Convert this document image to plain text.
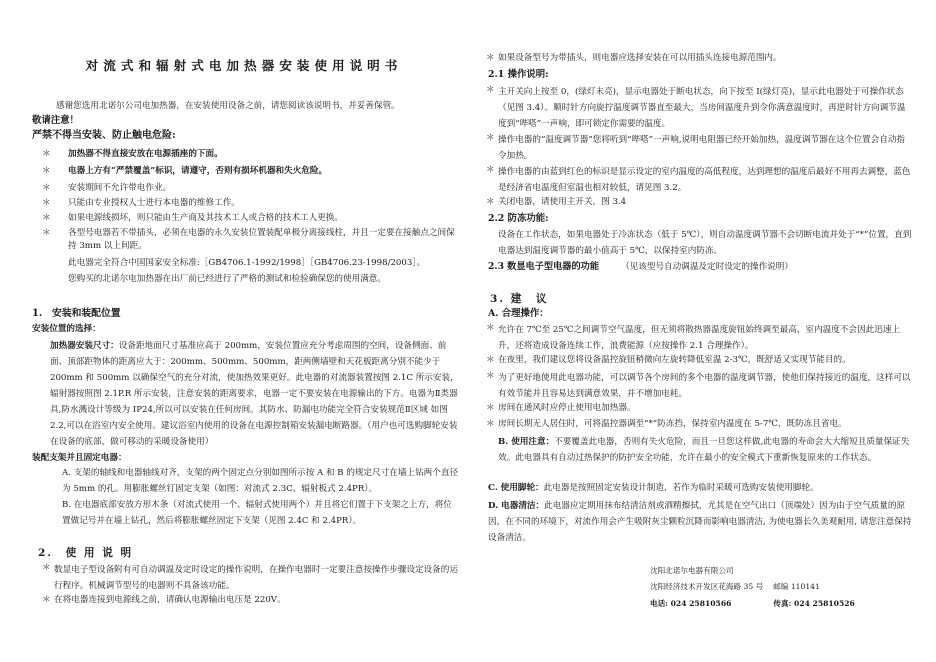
对流式和辐射式电加热器安装使用说明书
感谢您选用北诺尔公司电加热器，在安装使用设备之前，请您阅读该说明书，并妥善保管。
敬请注意！
严禁不得当安装、防止触电危险:
＊ 加热器不得直接安放在电源插座的下面。
＊ 电器上方有“严禁覆盖”标识，请遵守，否则有损坏机器和失火危险。
＊ 安装期间不允许带电作业。
＊ 只能由专业授权人士进行本电器的维修工作。
＊ 如果电源线损坏，则只能由生产商及其技术工人或合格的技术工人更换。
各型号电器若不带插头，必须在电器的永久安装位置装配单极分离接线柱，并且一定要在接触点之间保持 3mm 以上间距。
＊
此电器完全符合中国国家安全标准:［GB4706.1-1992/1998］［GB4706.23-1998/2003］。
您购买的北诺尔电加热器在出厂前已经进行了严格的测试和检验确保您的使用满意。
1.　安装和装配位置
安装位置的选择：
加热器安装尺寸：设备距地面尺寸基准应高于 200mm，安装位置应充分考虑周围的空间，设备侧面、前面、顶部距物体的距离应大于：200mm、500mm、500mm，距两侧墙壁和天花板距离分别不能少于 200mm 和 500mm 以确保空气的充分对流，使加热效果更好。此电器的对流器装置按图 2.1C 所示安装，辐射器按照图 2.1P.R 所示安装，注意安装的距离要求，电器一定不要安装在电源输出的下方。电器为Ⅱ类器具,防水溅设计等级为 IP24,所以可以安装在任何房间。其防水、防漏电功能完全符合安装规范Ⅱ区域 如图 2.2,可以在浴室内安全使用。建议浴室内使用的设备在电源控制箱安装漏电断路器。（用户也可选购脚轮安装在设备的底部，做可移动的采暖设备使用）
装配支架并且固定电器：
A. 支架的轴线和电器轴线对齐，支架的两个固定点分别如图所示按 A 和 B 的规定尺寸在墙上钻两个直径为 5mm 的孔。用膨胀螺丝钉固定支架（如图：对流式 2.3C、辐射板式 2.4PR）。
B. 在电器底部安放方形木条（对流式使用一个、辐射式使用两个）并且将它们置于下支架之上方，将位置做记号并在墙上钻孔，然后将膨胀螺丝固定下支架（见图 2.4C 和 2.4PR）。
2.　使 用 说 明
数显电子型设备附有可自动调温及定时设定的操作说明，在操作电器时一定要注意按操作步骤设定设备的运行程序。机械调节型号的电器则不具备该功能。
＊
在将电器连接到电源线之前，请确认电源输出电压是 220V。
＊
如果设备型号为带插头，则电器应选择安装在可以用插头连接电源范围内。
＊
2.1 操作说明:
主开关向上按至 0，(绿灯未亮)，显示电器处于断电状态，向下按至 I(绿灯亮)，显示此电器处于可操作状态（见图 3.4）。顺时针方向旋拧温度调节器直至最大，当房间温度升到令你满意温度时，再逆时针方向调节温度到“哔嗒”一声响，即可锁定你需要的温度。
＊
操作电器的“温度调节器”您将听到“哔嗒”一声响,说明电阻器已经开始加热，温度调节器在这个位置会自动指令加热。
＊
操作电器的由蓝到红色的标识是显示设定的室内温度的高低程度，达到理想的温度后最好不用再去调整，蓝色是经济省电温度但室温也相对较低，请见图 3.2。
＊
关闭电器，请使用主开关，图 3.4
＊
2.2 防冻功能:
设备在工作状态，如果电器处于冷冻状态（低于 5℃），则自动温度调节器不会切断电流并处于“*”位置，直到电器达到温度调节器的最小值高于 5℃，以保持室内防冻。
2.3 数显电子型电器的功能	（见该型号自动调温及定时设定的操作说明）
3. 建　议
A. 合理操作：
允许在 7℃至 25℃之间调节空气温度，但无须将散热器温度旋钮始终调至最高，室内温度不会因此迅速上升，还将造成设备连续工作，浪费能源（应按操作 2.1 合理操作）。
＊
在夜里，我们建议您将设备温控旋钮稍微向左旋转降低室温 2-3℃，既舒适又实现节能目的。
＊
为了更好地使用此电器功能，可以调节各个房间的多个电器的温度调节器，使他们保持接近的温度，这样可以有效节能并且容易达到满意效果，并不增加电耗。
＊
房间在通风时应停止使用电加热器。
＊
房间长期无人居住时，可将温控器调至“*”防冻挡，保持室内温度在 5-7℃，既防冻且省电。
＊
B. 使用注意：不要覆盖此电器，否则有失火危险，而且一旦您这样做,此电器的寿命会大大缩短且质量保证失效。此电器具有自动过热保护的防护安全功能，允许在最小的安全模式下重新恢复原来的工作状态。
C. 使用脚轮：此电器是按照固定安装设计制造，若作为临时采暖可选购安装使用脚轮。
D. 电器清洁：此电器应定期用抹布结清洁剂或酒精擦拭，尤其是在空气出口（顶端处）因为由于空气质量的原因，在不同的环境下，对流作用会产生吸附灰尘颗粒沉降而影响电器清洁, 为使电器长久美观耐用, 请您注意保持设备清洁。
沈阳北诺尔电器有限公司
沈阳经济技术开发区花海路 35 号 邮编 110141
电话: 024 25810566	传真: 024 25810526
